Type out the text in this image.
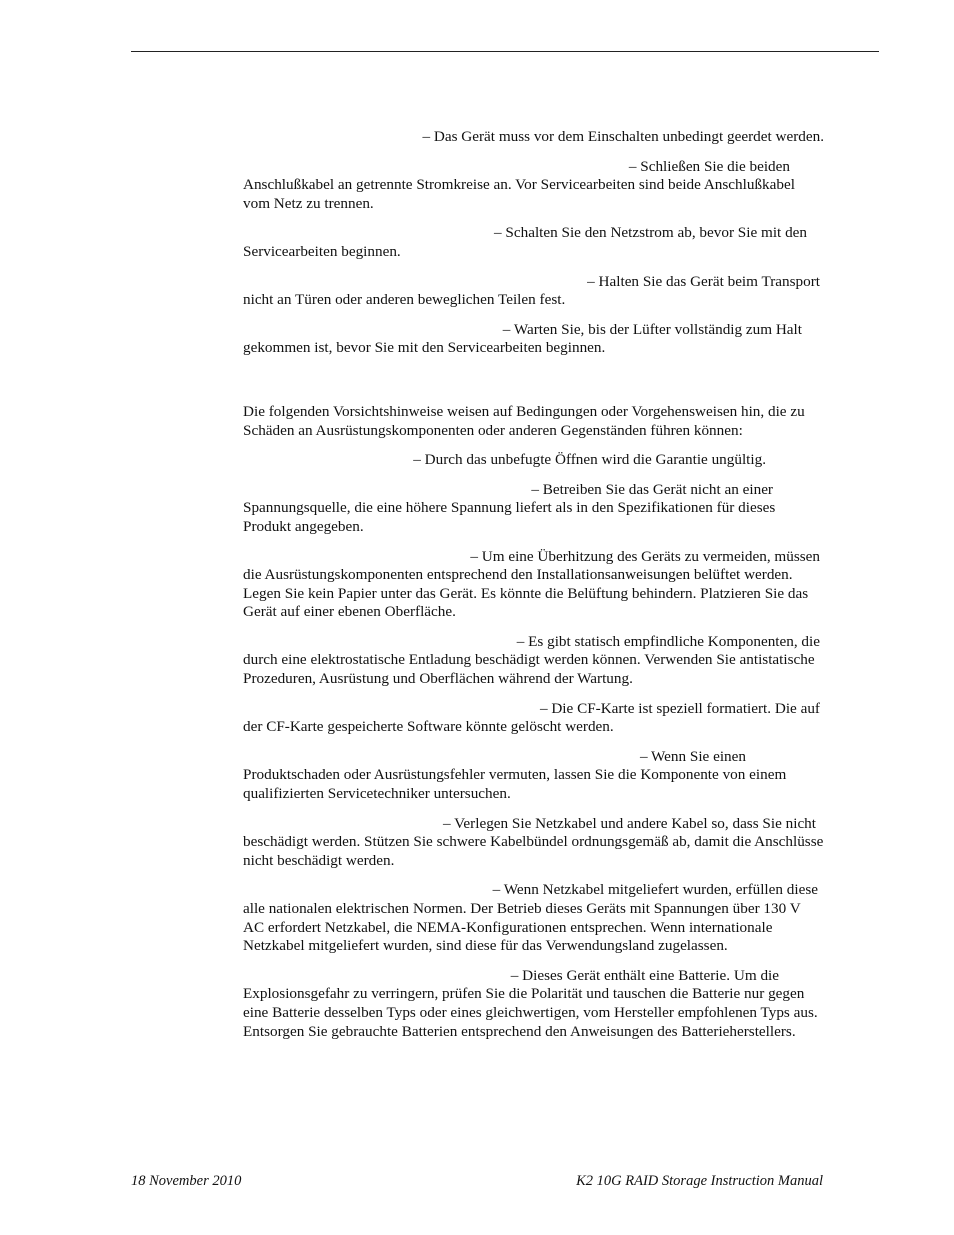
– Das Gerät muss vor dem Einschalten unbedingt geerdet werden.

– Schließen Sie die beiden
Anschlußkabel an getrennte Stromkreise an. Vor Servicearbeiten sind beide Anschlußkabel vom Netz zu trennen.

– Schalten Sie den Netzstrom ab, bevor Sie mit den
Servicearbeiten beginnen.

– Halten Sie das Gerät beim Transport
nicht an Türen oder anderen beweglichen Teilen fest.

– Warten Sie, bis der Lüfter vollständig zum Halt
gekommen ist, bevor Sie mit den Servicearbeiten beginnen.

Die folgenden Vorsichtshinweise weisen auf Bedingungen oder Vorgehensweisen hin, die zu Schäden an Ausrüstungskomponenten oder anderen Gegenständen führen können:

– Durch das unbefugte Öffnen wird die Garantie ungültig.

– Betreiben Sie das Gerät nicht an einer
Spannungsquelle, die eine höhere Spannung liefert als in den Spezifikationen für dieses Produkt angegeben.

– Um eine Überhitzung des Geräts zu vermeiden, müssen
die Ausrüstungskomponenten entsprechend den Installationsanweisungen belüftet werden. Legen Sie kein Papier unter das Gerät. Es könnte die Belüftung behindern. Platzieren Sie das Gerät auf einer ebenen Oberfläche.

– Es gibt statisch empfindliche Komponenten, die
durch eine elektrostatische Entladung beschädigt werden können. Verwenden Sie antistatische Prozeduren, Ausrüstung und Oberflächen während der Wartung.

– Die CF-Karte ist speziell formatiert. Die auf
der CF-Karte gespeicherte Software könnte gelöscht werden.

– Wenn Sie einen
Produktschaden oder Ausrüstungsfehler vermuten, lassen Sie die Komponente von einem qualifizierten Servicetechniker untersuchen.

– Verlegen Sie Netzkabel und andere Kabel so, dass Sie nicht
beschädigt werden. Stützen Sie schwere Kabelbündel ordnungsgemäß ab, damit die Anschlüsse nicht beschädigt werden.

– Wenn Netzkabel mitgeliefert wurden, erfüllen diese
alle nationalen elektrischen Normen. Der Betrieb dieses Geräts mit Spannungen über 130 V AC erfordert Netzkabel, die NEMA-Konfigurationen entsprechen. Wenn internationale Netzkabel mitgeliefert wurden, sind diese für das Verwendungsland zugelassen.

– Dieses Gerät enthält eine Batterie. Um die
Explosionsgefahr zu verringern, prüfen Sie die Polarität und tauschen die Batterie nur gegen eine Batterie desselben Typs oder eines gleichwertigen, vom Hersteller empfohlenen Typs aus. Entsorgen Sie gebrauchte Batterien entsprechend den Anweisungen des Batterieherstellers.

18 November 2010	K2 10G RAID Storage Instruction Manual
